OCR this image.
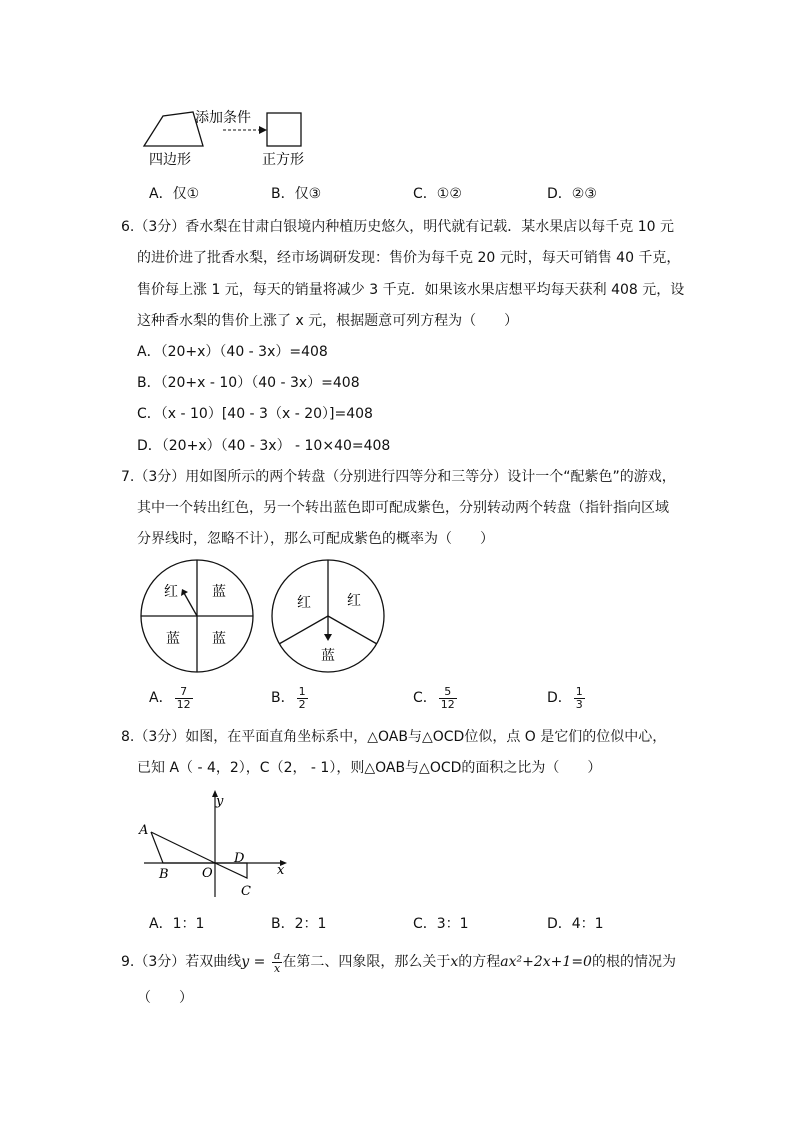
添加条件
四边形	正方形
A．仅①	B．仅③	C．①②	D．②③
6.（3分）香水梨在甘肃白银境内种植历史悠久，明代就有记载．某水果店以每千克 10 元
的进价进了批香水梨，经市场调研发现：售价为每千克 20 元时，每天可销售 40 千克，
售价每上涨 1 元，每天的销量将减少 3 千克．如果该水果店想平均每天获利 408 元，设
这种香水梨的售价上涨了 x 元，根据题意可列方程为（　　）
A．（20+x）（40 - 3x）=408
B．（20+x - 10）（40 - 3x）=408
C．（x - 10）[40 - 3（x - 20）]=408
D．（20+x）（40 - 3x） - 10×40=408
7.（3分）用如图所示的两个转盘（分别进行四等分和三等分）设计一个“配紫色”的游戏，
其中一个转出红色，另一个转出蓝色即可配成紫色，分别转动两个转盘（指针指向区域
分界线时，忽略不计），那么可配成紫色的概率为（　　）
红 蓝
蓝 蓝
红	红
蓝
A． $\frac{7}{12}$	B． $\frac{1}{2}$	C． $\frac{5}{12}$	D． $\frac{1}{3}$
8.（3分）如图，在平面直角坐标系中，△OAB与△OCD位似，点 O 是它们的位似中心，
已知 A（ - 4，2），C（2， - 1），则△OAB与△OCD的面积之比为（　　）
y
x
A
B	O
D
C
A．1：1	B．2：1	C．3：1	D．4：1
9.（3分）若双曲线$y = \frac{a}{x}$ 在第二、四象限，那么关于x的方程ax²+2x+1=0的根的情况为
（　　）
